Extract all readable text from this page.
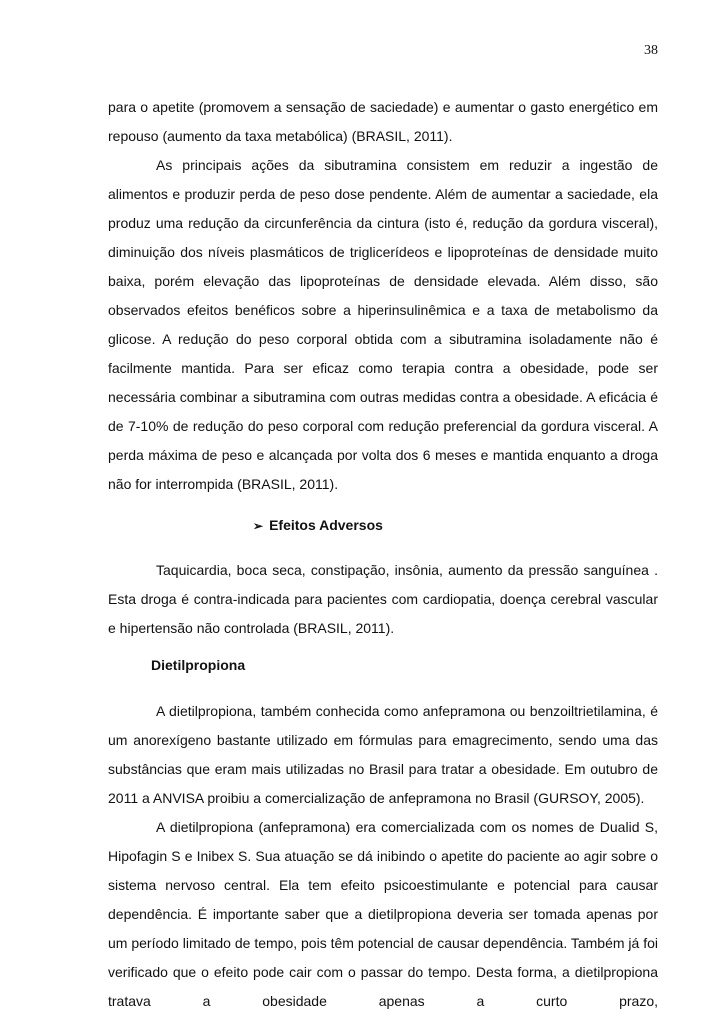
38

para o apetite (promovem a sensação de saciedade) e aumentar o gasto energético em repouso (aumento da taxa metabólica) (BRASIL, 2011).

As principais ações da sibutramina consistem em reduzir a ingestão de alimentos e produzir perda de peso dose pendente. Além de aumentar a saciedade, ela produz uma redução da circunferência da cintura (isto é, redução da gordura visceral), diminuição dos níveis plasmáticos de triglicerídeos e lipoproteínas de densidade muito baixa, porém elevação das lipoproteínas de densidade elevada. Além disso, são observados efeitos benéficos sobre a hiperinsulinêmica e a taxa de metabolismo da glicose. A redução do peso corporal obtida com a sibutramina isoladamente não é facilmente mantida. Para ser eficaz como terapia contra a obesidade, pode ser necessária combinar a sibutramina com outras medidas contra a obesidade. A eficácia é de 7-10% de redução do peso corporal com redução preferencial da gordura visceral. A perda máxima de peso e alcançada por volta dos 6 meses e mantida enquanto a droga não for interrompida (BRASIL, 2011).

➢ Efeitos Adversos

Taquicardia, boca seca, constipação, insônia, aumento da pressão sanguínea . Esta droga é contra-indicada para pacientes com cardiopatia, doença cerebral vascular e hipertensão não controlada (BRASIL, 2011).

Dietilpropiona

A dietilpropiona, também conhecida como anfepramona ou benzoiltrietilamina, é um anorexígeno bastante utilizado em fórmulas para emagrecimento, sendo uma das substâncias que eram mais utilizadas no Brasil para tratar a obesidade. Em outubro de 2011 a ANVISA proibiu a comercialização de anfepramona no Brasil (GURSOY, 2005).

A dietilpropiona (anfepramona) era comercializada com os nomes de Dualid S, Hipofagin S e Inibex S. Sua atuação se dá inibindo o apetite do paciente ao agir sobre o sistema nervoso central. Ela tem efeito psicoestimulante e potencial para causar dependência. É importante saber que a dietilpropiona deveria ser tomada apenas por um período limitado de tempo, pois têm potencial de causar dependência. Também já foi verificado que o efeito pode cair com o passar do tempo. Desta forma, a dietilpropiona tratava a obesidade apenas a curto prazo,
